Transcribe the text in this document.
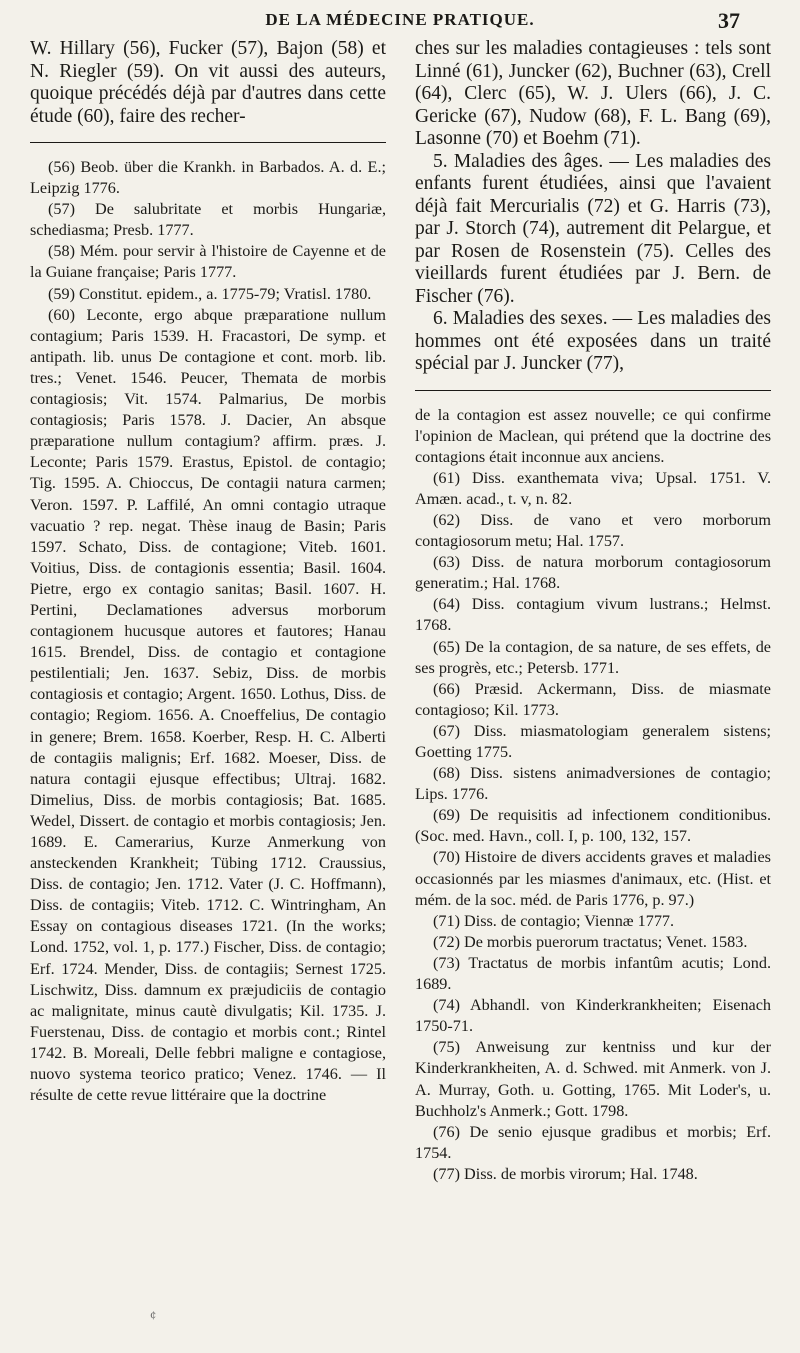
DE LA MÉDECINE PRATIQUE.	37

W. Hillary (56), Fucker (57), Bajon (58) et N. Riegler (59). On vit aussi des auteurs, quoique précédés déjà par d'autres dans cette étude (60), faire des recher-

(56) Beob. über die Krankh. in Barbados. A. d. E.; Leipzig 1776.

(57) De salubritate et morbis Hungariæ, schediasma; Presb. 1777.

(58) Mém. pour servir à l'histoire de Cayenne et de la Guiane française; Paris 1777.

(59) Constitut. epidem., a. 1775-79; Vratisl. 1780.

(60) Leconte, ergo abque præparatione nullum contagium; Paris 1539. H. Fracastori, De symp. et antipath. lib. unus De contagione et cont. morb. lib. tres.; Venet. 1546. Peucer, Themata de morbis contagiosis; Vit. 1574. Palmarius, De morbis contagiosis; Paris 1578. J. Dacier, An absque præparatione nullum contagium? affirm. præs. J. Leconte; Paris 1579. Erastus, Epistol. de contagio; Tig. 1595. A. Chioccus, De contagii natura carmen; Veron. 1597. P. Laffilé, An omni contagio utraque vacuatio ? rep. negat. Thèse inaug de Basin; Paris 1597. Schato, Diss. de contagione; Viteb. 1601. Voitius, Diss. de contagionis essentia; Basil. 1604. Pietre, ergo ex contagio sanitas; Basil. 1607. H. Pertini, Declamationes adversus morborum contagionem hucusque autores et fautores; Hanau 1615. Brendel, Diss. de contagio et contagione pestilentiali; Jen. 1637. Sebiz, Diss. de morbis contagiosis et contagio; Argent. 1650. Lothus, Diss. de contagio; Regiom. 1656. A. Cnoeffelius, De contagio in genere; Brem. 1658. Koerber, Resp. H. C. Alberti de contagiis malignis; Erf. 1682. Moeser, Diss. de natura contagii ejusque effectibus; Ultraj. 1682. Dimelius, Diss. de morbis contagiosis; Bat. 1685. Wedel, Dissert. de contagio et morbis contagiosis; Jen. 1689. E. Camerarius, Kurze Anmerkung von ansteckenden Krankheit; Tübing 1712. Craussius, Diss. de contagio; Jen. 1712. Vater (J. C. Hoffmann), Diss. de contagiis; Viteb. 1712. C. Wintringham, An Essay on contagious diseases 1721. (In the works; Lond. 1752, vol. 1, p. 177.) Fischer, Diss. de contagio; Erf. 1724. Mender, Diss. de contagiis; Sernest 1725. Lischwitz, Diss. damnum ex præjudiciis de contagio ac malignitate, minus cautè divulgatis; Kil. 1735. J. Fuerstenau, Diss. de contagio et morbis cont.; Rintel 1742. B. Moreali, Delle febbri maligne e contagiose, nuovo systema teorico pratico; Venez. 1746. — Il résulte de cette revue littéraire que la doctrine

ches sur les maladies contagieuses : tels sont Linné (61), Juncker (62), Buchner (63), Crell (64), Clerc (65), W. J. Ulers (66), J. C. Gericke (67), Nudow (68), F. L. Bang (69), Lasonne (70) et Boehm (71).

5. Maladies des âges. — Les maladies des enfants furent étudiées, ainsi que l'avaient déjà fait Mercurialis (72) et G. Harris (73), par J. Storch (74), autrement dit Pelargue, et par Rosen de Rosenstein (75). Celles des vieillards furent étudiées par J. Bern. de Fischer (76).

6. Maladies des sexes. — Les maladies des hommes ont été exposées dans un traité spécial par J. Juncker (77),

de la contagion est assez nouvelle; ce qui confirme l'opinion de Maclean, qui prétend que la doctrine des contagions était inconnue aux anciens.

(61) Diss. exanthemata viva; Upsal. 1751. V. Amæn. acad., t. v, n. 82.

(62) Diss. de vano et vero morborum contagiosorum metu; Hal. 1757.

(63) Diss. de natura morborum contagiosorum generatim.; Hal. 1768.

(64) Diss. contagium vivum lustrans.; Helmst. 1768.

(65) De la contagion, de sa nature, de ses effets, de ses progrès, etc.; Petersb. 1771.

(66) Præsid. Ackermann, Diss. de miasmate contagioso; Kil. 1773.

(67) Diss. miasmatologiam generalem sistens; Goetting 1775.

(68) Diss. sistens animadversiones de contagio; Lips. 1776.

(69) De requisitis ad infectionem conditionibus. (Soc. med. Havn., coll. I, p. 100, 132, 157.

(70) Histoire de divers accidents graves et maladies occasionnés par les miasmes d'animaux, etc. (Hist. et mém. de la soc. méd. de Paris 1776, p. 97.)

(71) Diss. de contagio; Viennæ 1777.

(72) De morbis puerorum tractatus; Venet. 1583.

(73) Tractatus de morbis infantûm acutis; Lond. 1689.

(74) Abhandl. von Kinderkrankheiten; Eisenach 1750-71.

(75) Anweisung zur kentniss und kur der Kinderkrankheiten, A. d. Schwed. mit Anmerk. von J. A. Murray, Goth. u. Gotting, 1765. Mit Loder's, u. Buchholz's Anmerk.; Gott. 1798.

(76) De senio ejusque gradibus et morbis; Erf. 1754.

(77) Diss. de morbis virorum; Hal. 1748.

¢
